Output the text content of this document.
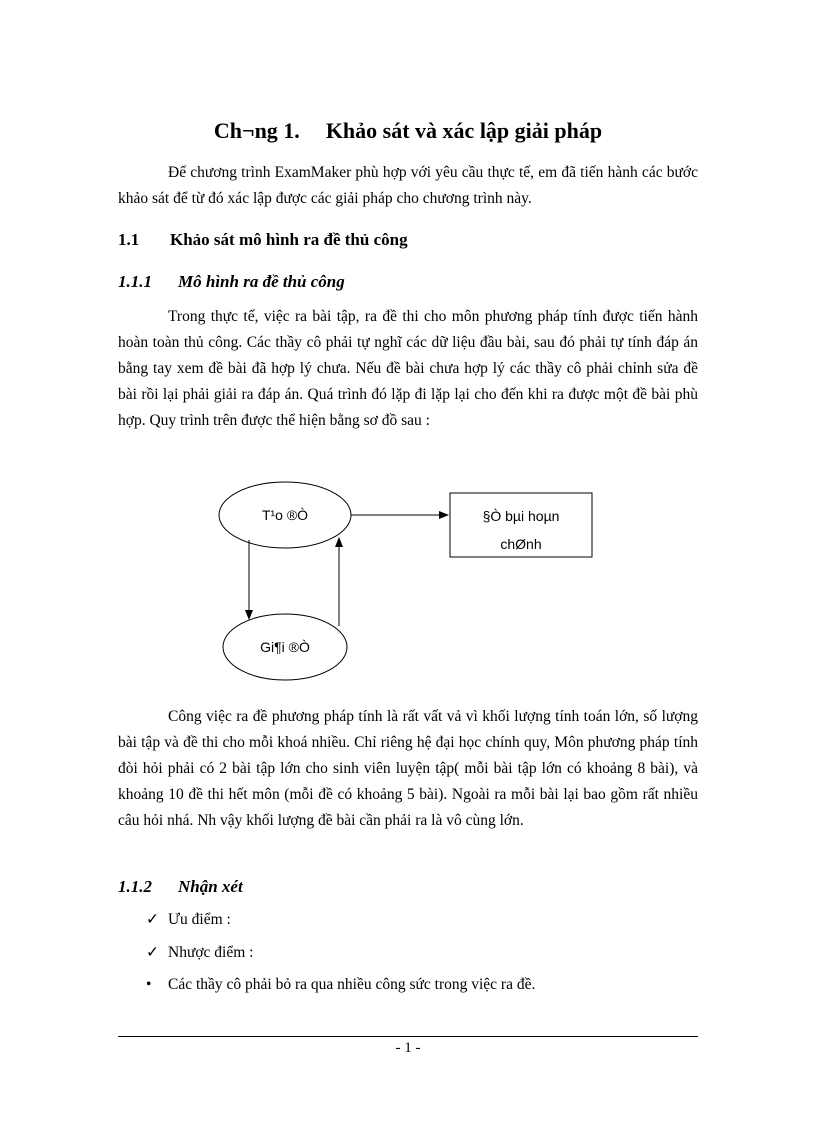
Ch¬ng 1. Khảo sát và xác lập giải pháp
Để chương trình ExamMaker phù hợp với yêu cầu thực tế, em đã tiến hành các bước khảo sát để từ đó xác lập được các giải pháp cho chương trình này.
1.1 Khảo sát mô hình ra đề thủ công
1.1.1 Mô hình ra đề thủ công
Trong thực tế, việc ra bài tập, ra đề thi cho môn phương pháp tính được tiến hành hoàn toàn thủ công. Các thầy cô phải tự nghĩ các dữ liệu đầu bài, sau đó phải tự tính đáp án bằng tay xem đề bài đã hợp lý chưa. Nếu đề bài chưa hợp lý các thầy cô phải chỉnh sửa đề bài rồi lại phải giải ra đáp án. Quá trình đó lặp đi lặp lại cho đến khi ra được một đề bài phù hợp. Quy trình trên được thể hiện bằng sơ đồ sau :
T¹o ®Ò	§Ò bµi hoµn
chØnh
Gi¶i ®Ò
Công việc ra đề phương pháp tính là rất vất vả vì khối lượng tính toán lớn, số lượng bài tập và đề thi cho mỗi khoá nhiều. Chỉ riêng hệ đại học chính quy, Môn phương pháp tính đòi hỏi phải có 2 bài tập lớn cho sinh viên luyện tập( mỗi bài tập lớn có khoảng 8 bài), và khoảng 10 đề thi hết môn (mỗi đề có khoảng 5 bài). Ngoài ra mỗi bài lại bao gồm rất nhiều câu hỏi nhá. Nh vậy khối lượng đề bài cần phải ra là vô cùng lớn.
1.1.2 Nhận xét
✓ Ưu điểm :
✓ Nhược điểm :
• Các thầy cô phải bỏ ra qua nhiều công sức trong việc ra đề.
- 1 -
